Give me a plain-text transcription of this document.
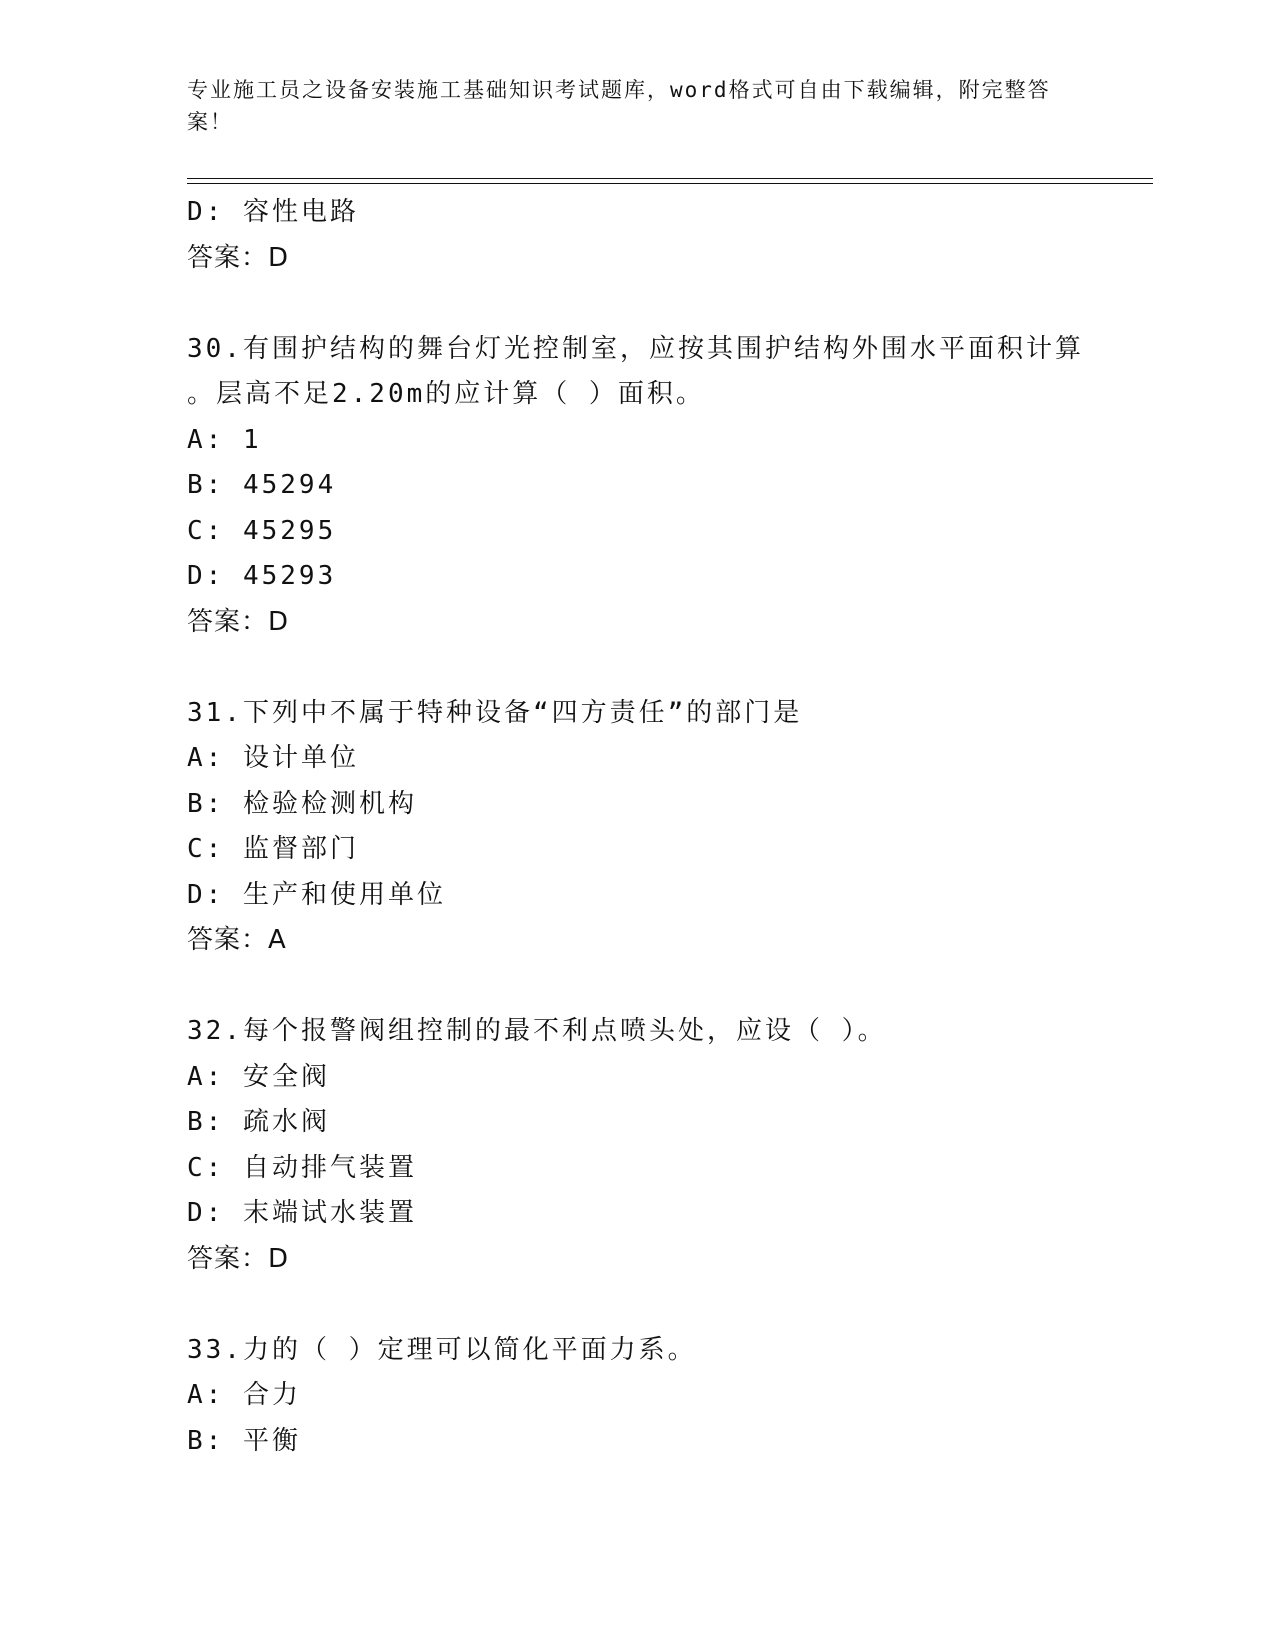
专业施工员之设备安装施工基础知识考试题库，word格式可自由下载编辑，附完整答案！
D: 容性电路
答案：D
30.有围护结构的舞台灯光控制室，应按其围护结构外围水平面积计算
。层高不足2.20m的应计算（ ）面积。
A: 1
B: 45294
C: 45295
D: 45293
答案：D
31.下列中不属于特种设备“四方责任”的部门是
A: 设计单位
B: 检验检测机构
C: 监督部门
D: 生产和使用单位
答案：A
32.每个报警阀组控制的最不利点喷头处，应设（ ）。
A: 安全阀
B: 疏水阀
C: 自动排气装置
D: 末端试水装置
答案：D
33.力的（ ）定理可以简化平面力系。
A: 合力
B: 平衡
